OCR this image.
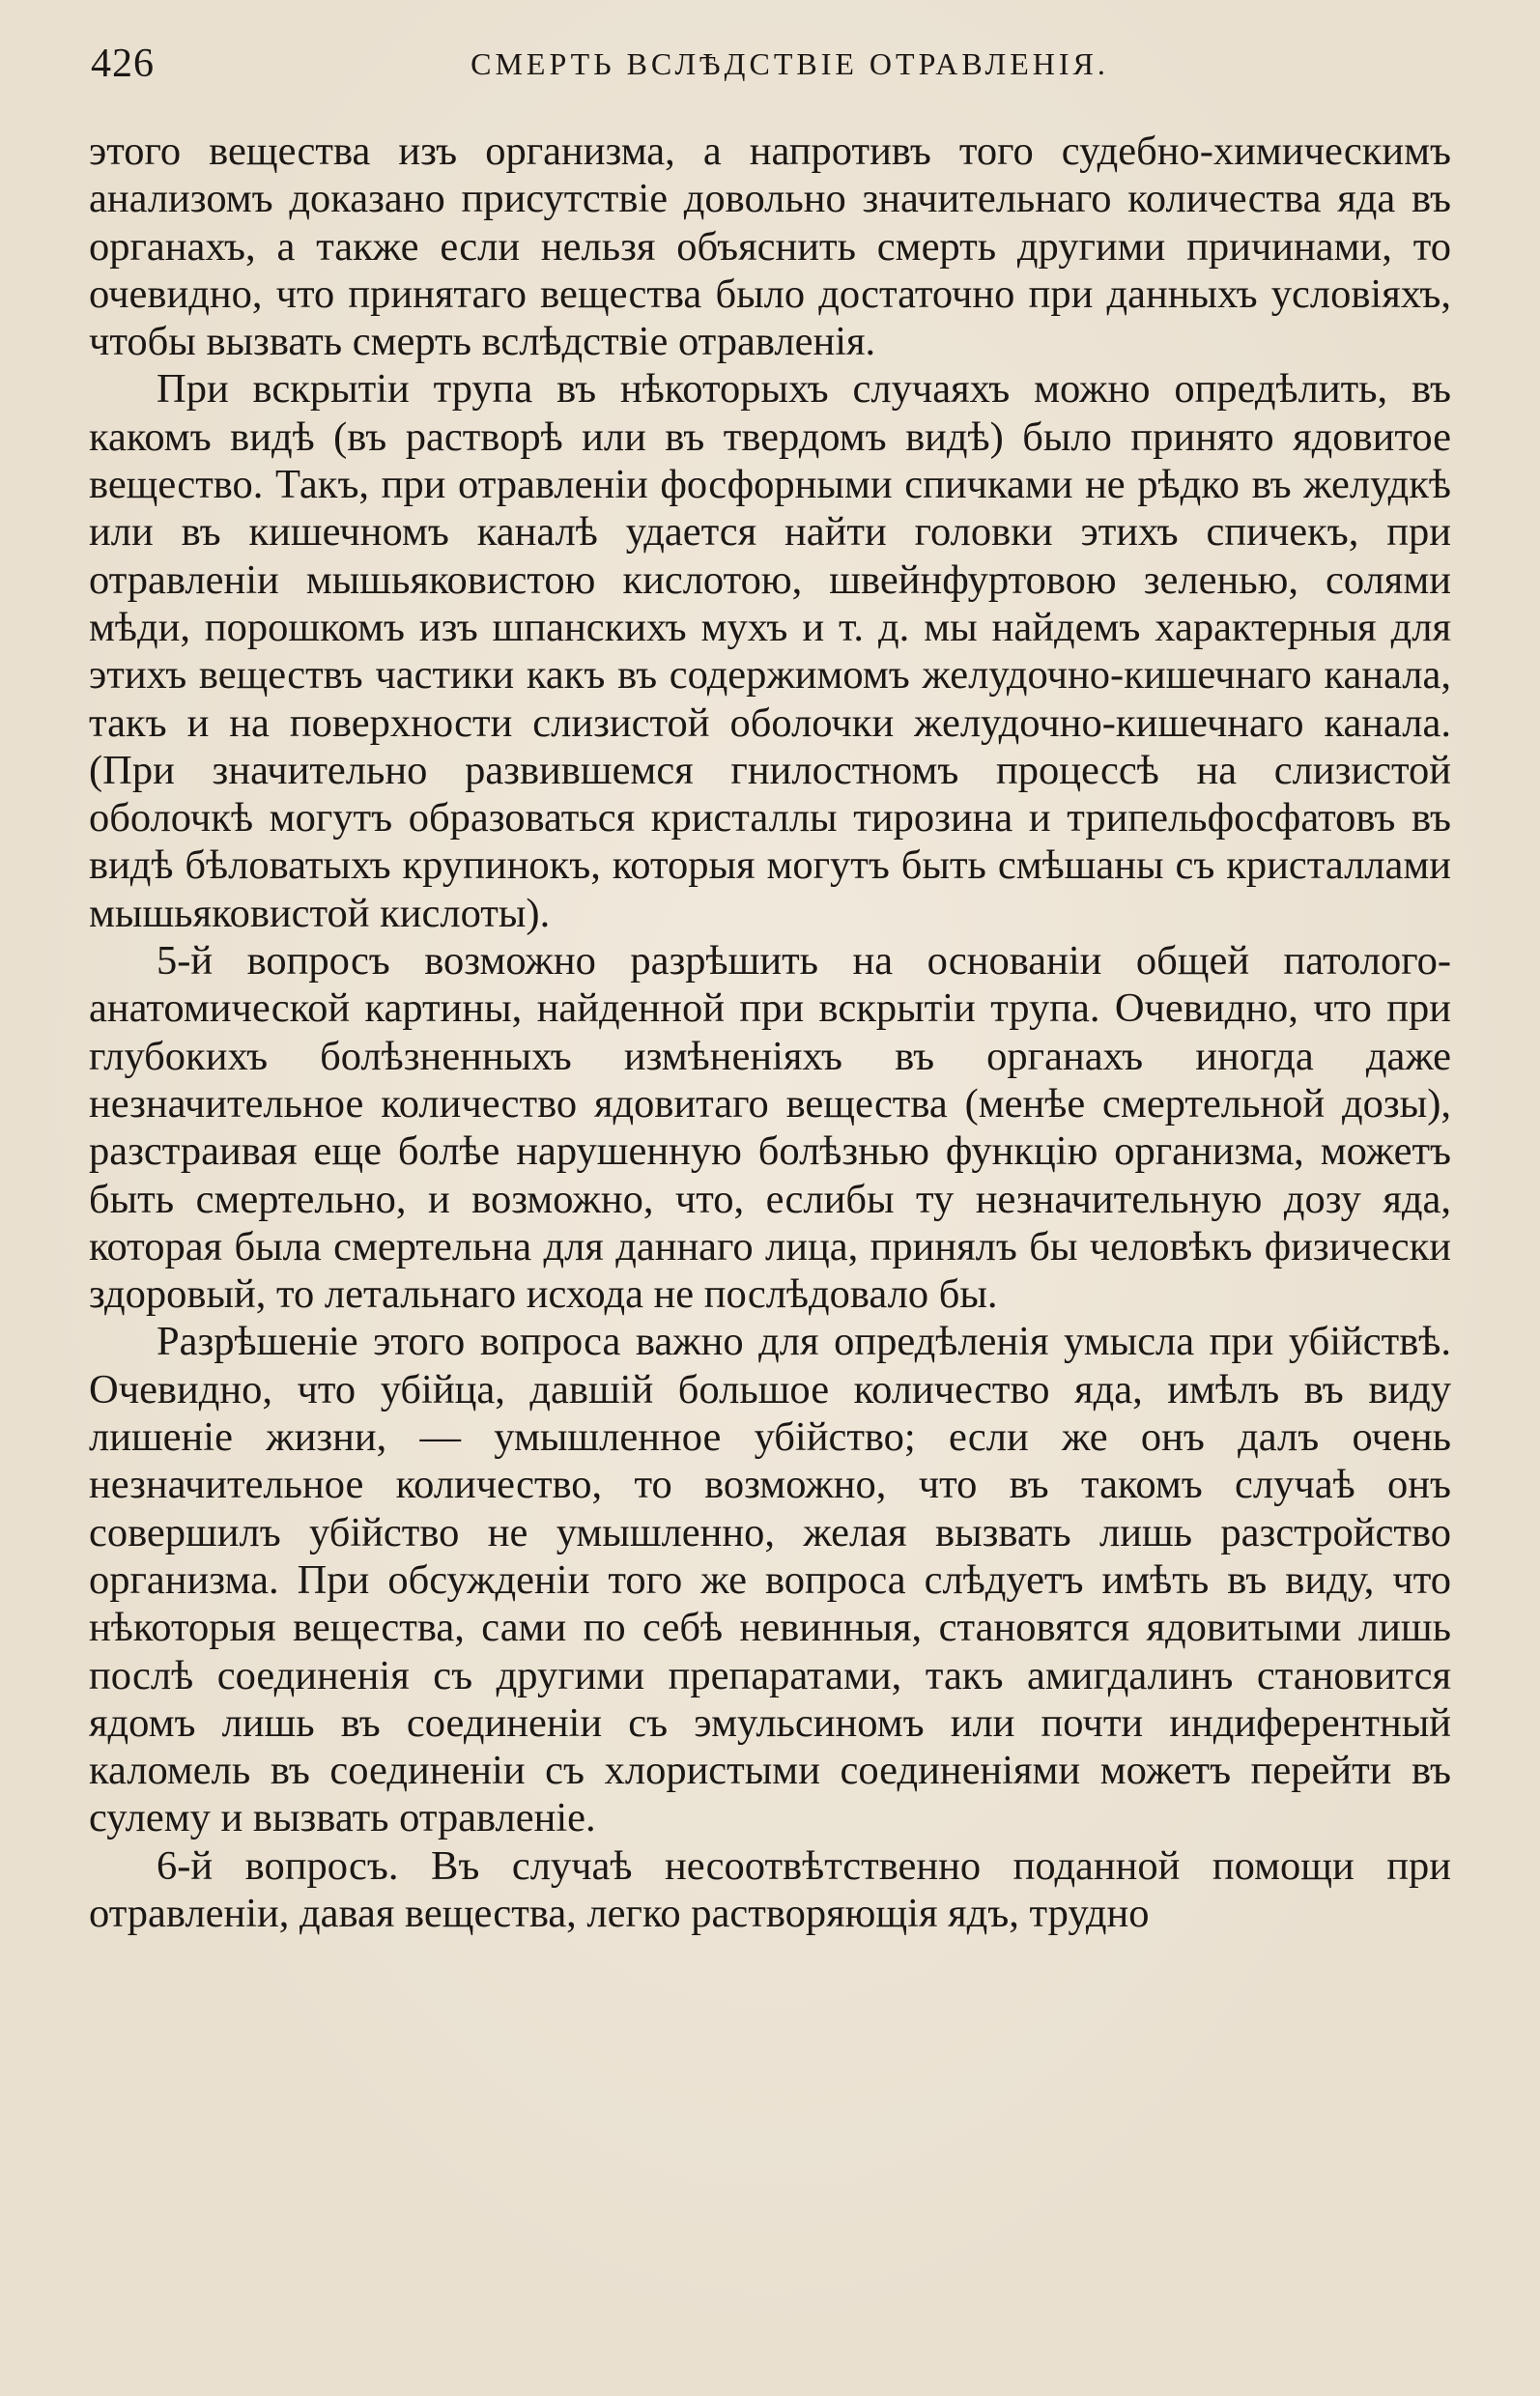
426	СМЕРТЬ ВСЛѢДСТВІЕ ОТРАВЛЕНІЯ.

этого вещества изъ организма, а напротивъ того судебно-химическимъ анализомъ доказано присутствіе довольно значительнаго количества яда въ органахъ, а также если нельзя объяснить смерть другими причинами, то очевидно, что принятаго вещества было достаточно при данныхъ условіяхъ, чтобы вызвать смерть вслѣдствіе отравленія.

При вскрытіи трупа въ нѣкоторыхъ случаяхъ можно опредѣлить, въ какомъ видѣ (въ растворѣ или въ твердомъ видѣ) было принято ядовитое вещество. Такъ, при отравленіи фосфорными спичками не рѣдко въ желудкѣ или въ кишечномъ каналѣ удается найти головки этихъ спичекъ, при отравленіи мышьяковистою кислотою, швейнфуртовою зеленью, солями мѣди, порошкомъ изъ шпанскихъ мухъ и т. д. мы найдемъ характерныя для этихъ веществъ частики какъ въ содержимомъ желудочно-кишечнаго канала, такъ и на поверхности слизистой оболочки желудочно-кишечнаго канала. (При значительно развившемся гнилостномъ процессѣ на слизистой оболочкѣ могутъ образоваться кристаллы тирозина и трипельфосфатовъ въ видѣ бѣловатыхъ крупинокъ, которыя могутъ быть смѣшаны съ кристаллами мышьяковистой кислоты).

5-й вопросъ возможно разрѣшить на основаніи общей патолого-анатомической картины, найденной при вскрытіи трупа. Очевидно, что при глубокихъ болѣзненныхъ измѣненіяхъ въ органахъ иногда даже незначительное количество ядовитаго вещества (менѣе смертельной дозы), разстраивая еще болѣе нарушенную болѣзнью функцію организма, можетъ быть смертельно, и возможно, что, еслибы ту незначительную дозу яда, которая была смертельна для даннаго лица, принялъ бы человѣкъ физически здоровый, то летальнаго исхода не послѣдовало бы.

Разрѣшеніе этого вопроса важно для опредѣленія умысла при убійствѣ. Очевидно, что убійца, давшій большое количество яда, имѣлъ въ виду лишеніе жизни, — умышленное убійство; если же онъ далъ очень незначительное количество, то возможно, что въ такомъ случаѣ онъ совершилъ убійство не умышленно, желая вызвать лишь разстройство организма. При обсужденіи того же вопроса слѣдуетъ имѣть въ виду, что нѣкоторыя вещества, сами по себѣ невинныя, становятся ядовитыми лишь послѣ соединенія съ другими препаратами, такъ амигдалинъ становится ядомъ лишь въ соединеніи съ эмульсиномъ или почти индиферентный каломель въ соединеніи съ хлористыми соединеніями можетъ перейти въ сулему и вызвать отравленіе.

6-й вопросъ. Въ случаѣ несоотвѣтственно поданной помощи при отравленіи, давая вещества, легко растворяющія ядъ, трудно
